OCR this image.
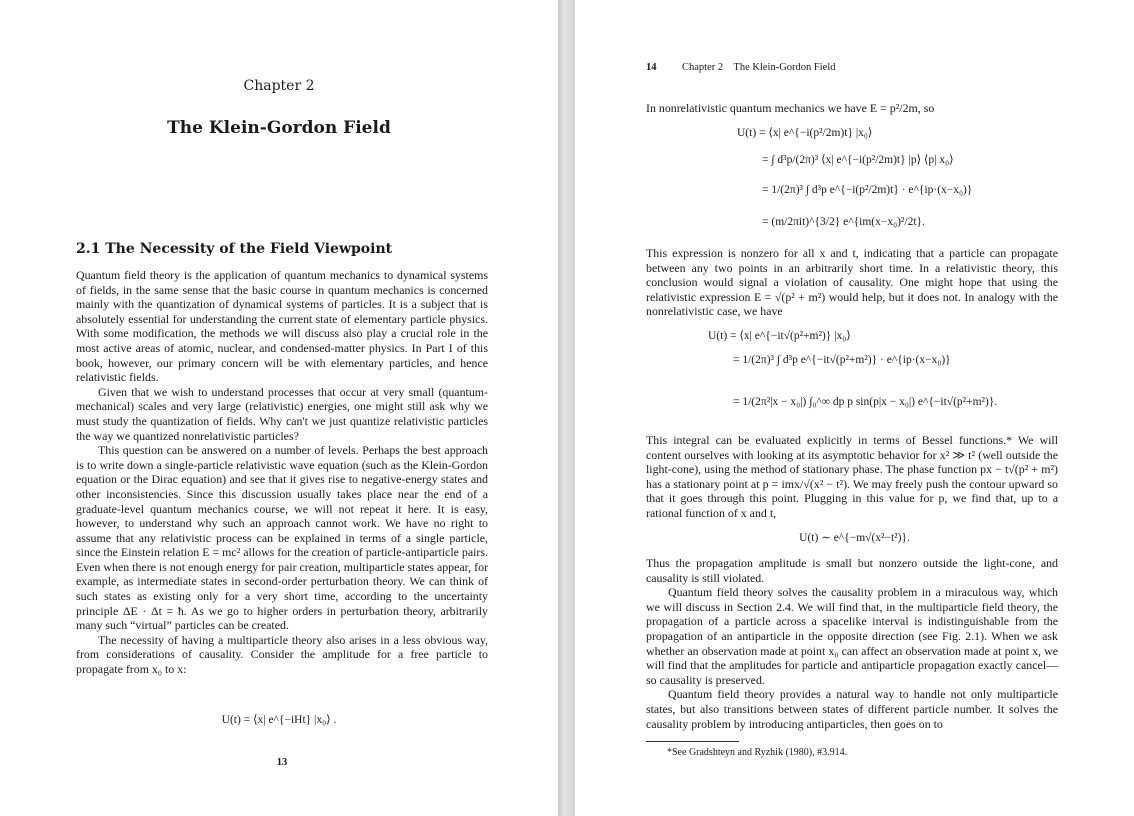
Chapter 2
The Klein-Gordon Field
2.1 The Necessity of the Field Viewpoint

Quantum field theory is the application of quantum mechanics to dynamical systems of fields, in the same sense that the basic course in quantum mechanics is concerned mainly with the quantization of dynamical systems of particles. It is a subject that is absolutely essential for understanding the current state of elementary particle physics. With some modification, the methods we will discuss also play a crucial role in the most active areas of atomic, nuclear, and condensed-matter physics. In Part I of this book, however, our primary concern will be with elementary particles, and hence relativistic fields.

Given that we wish to understand processes that occur at very small (quantum-mechanical) scales and very large (relativistic) energies, one might still ask why we must study the quantization of fields. Why can't we just quantize relativistic particles the way we quantized nonrelativistic particles?

This question can be answered on a number of levels. Perhaps the best approach is to write down a single-particle relativistic wave equation (such as the Klein-Gordon equation or the Dirac equation) and see that it gives rise to negative-energy states and other inconsistencies. Since this discussion usually takes place near the end of a graduate-level quantum mechanics course, we will not repeat it here. It is easy, however, to understand why such an approach cannot work. We have no right to assume that any relativistic process can be explained in terms of a single particle, since the Einstein relation E = mc² allows for the creation of particle-antiparticle pairs. Even when there is not enough energy for pair creation, multiparticle states appear, for example, as intermediate states in second-order perturbation theory. We can think of such states as existing only for a very short time, according to the uncertainty principle ΔE · Δt = ħ. As we go to higher orders in perturbation theory, arbitrarily many such “virtual” particles can be created.

The necessity of having a multiparticle theory also arises in a less obvious way, from considerations of causality. Consider the amplitude for a free particle to propagate from x₀ to x:

U(t) = ⟨x| e^{−iHt} |x₀⟩ .
13
14 Chapter 2    The Klein-Gordon Field
In nonrelativistic quantum mechanics we have E = p²/2m, so
U(t) = ⟨x| e^{−i(p²/2m)t} |x₀⟩
= ∫ d³p/(2π)³ ⟨x| e^{−i(p²/2m)t} |p⟩ ⟨p| x₀⟩
= 1/(2π)³ ∫ d³p e^{−i(p²/2m)t} · e^{ip·(x−x₀)}
= (m/2πit)^{3/2} e^{im(x−x₀)²/2t}.
This expression is nonzero for all x and t, indicating that a particle can propagate between any two points in an arbitrarily short time. In a relativistic theory, this conclusion would signal a violation of causality. One might hope that using the relativistic expression E = √(p² + m²) would help, but it does not. In analogy with the nonrelativistic case, we have
U(t) = ⟨x| e^{−it√(p²+m²)} |x₀⟩
= 1/(2π)³ ∫ d³p e^{−it√(p²+m²)} · e^{ip·(x−x₀)}
= 1/(2π²|x − x₀|) ∫₀^∞ dp p sin(p|x − x₀|) e^{−it√(p²+m²)}.
This integral can be evaluated explicitly in terms of Bessel functions.* We will content ourselves with looking at its asymptotic behavior for x² ≫ t² (well outside the light-cone), using the method of stationary phase. The phase function px − t√(p² + m²) has a stationary point at p = imx/√(x² − t²). We may freely push the contour upward so that it goes through this point. Plugging in this value for p, we find that, up to a rational function of x and t,
U(t) ∼ e^{−m√(x²−t²)}.

Thus the propagation amplitude is small but nonzero outside the light-cone, and causality is still violated.

Quantum field theory solves the causality problem in a miraculous way, which we will discuss in Section 2.4. We will find that, in the multiparticle field theory, the propagation of a particle across a spacelike interval is indistinguishable from the propagation of an antiparticle in the opposite direction (see Fig. 2.1). When we ask whether an observation made at point x₀ can affect an observation made at point x, we will find that the amplitudes for particle and antiparticle propagation exactly cancel—so causality is preserved.

Quantum field theory provides a natural way to handle not only multiparticle states, but also transitions between states of different particle number. It solves the causality problem by introducing antiparticles, then goes on to

*See Gradshteyn and Ryzhik (1980), #3.914.
